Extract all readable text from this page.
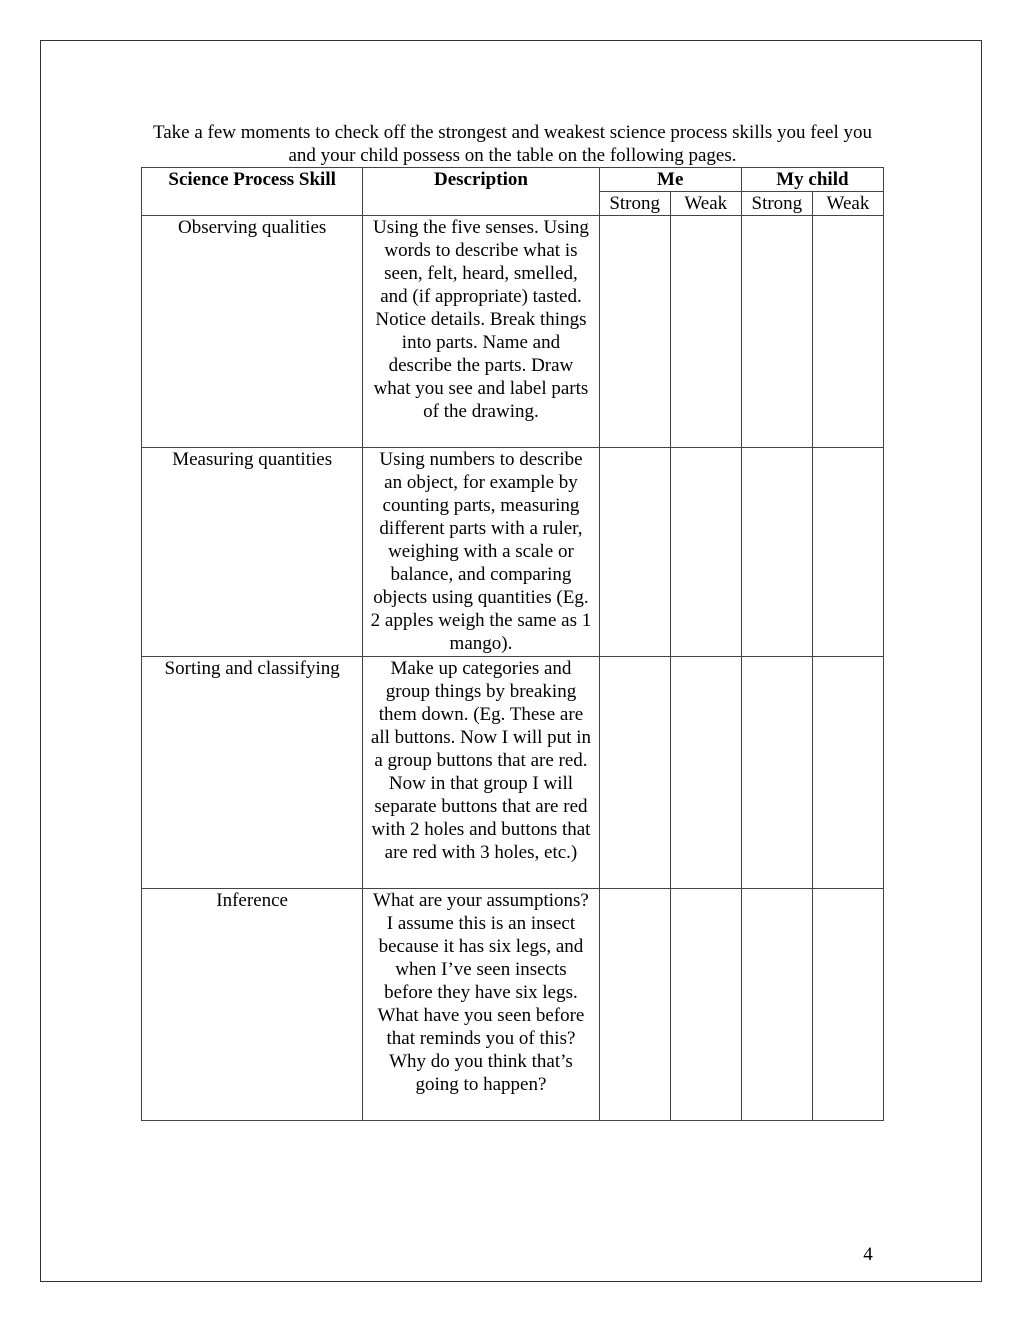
Take a few moments to check off the strongest and weakest science process skills you feel you and your child possess on the table on the following pages.

Science Process Skill	Description	Me		My child	
		Strong	Weak	Strong	Weak
Observing qualities	Using the five senses. Using words to describe what is seen, felt, heard, smelled, and (if appropriate) tasted. Notice details. Break things into parts. Name and describe the parts. Draw what you see and label parts of the drawing.				
Measuring quantities	Using numbers to describe an object, for example by counting parts, measuring different parts with a ruler, weighing with a scale or balance, and comparing objects using quantities (Eg. 2 apples weigh the same as 1 mango).				
Sorting and classifying	Make up categories and group things by breaking them down. (Eg. These are all buttons. Now I will put in a group buttons that are red. Now in that group I will separate buttons that are red with 2 holes and buttons that are red with 3 holes, etc.)				
Inference	What are your assumptions? I assume this is an insect because it has six legs, and when I’ve seen insects before they have six legs. What have you seen before that reminds you of this? Why do you think that’s going to happen?				
4
